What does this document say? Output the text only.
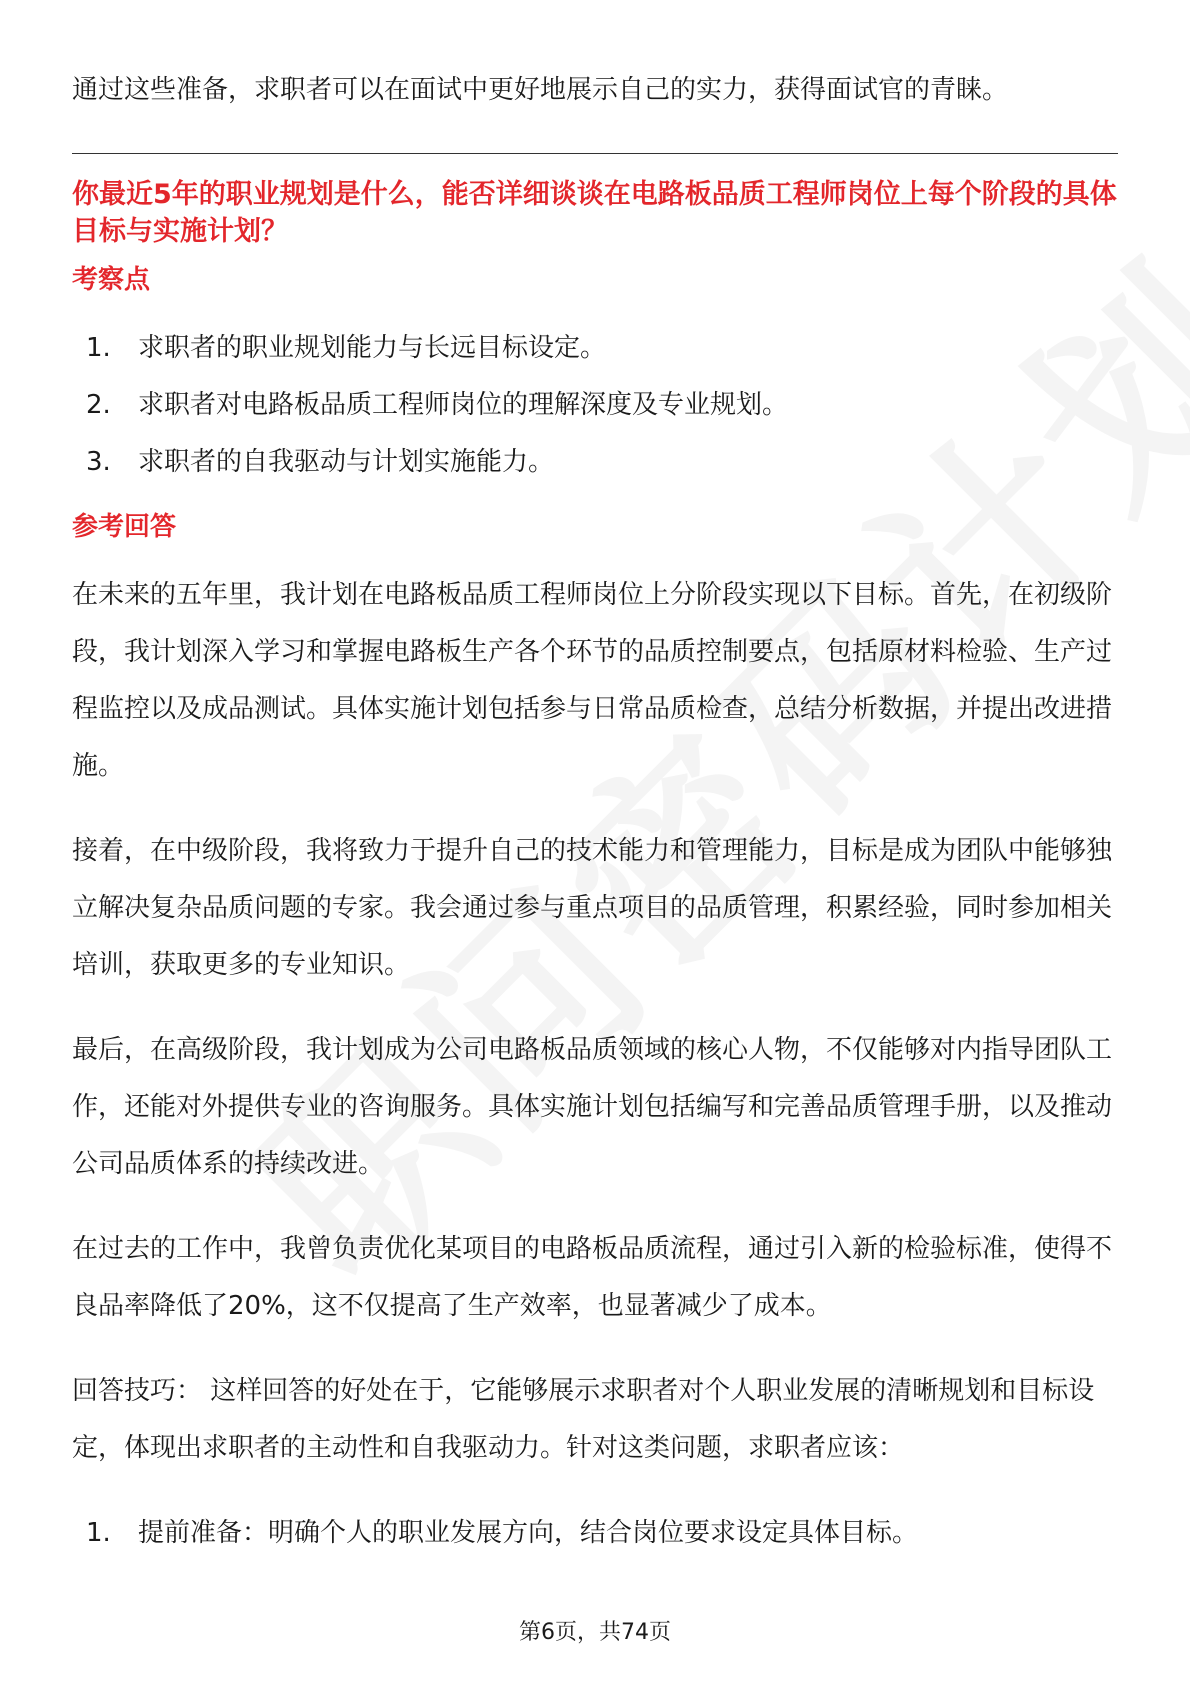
通过这些准备，求职者可以在面试中更好地展示自己的实力，获得面试官的青睐。

你最近5年的职业规划是什么，能否详细谈谈在电路板品质工程师岗位上每个阶段的具体目标与实施计划？
考察点
1.	求职者的职业规划能力与长远目标设定。
2.	求职者对电路板品质工程师岗位的理解深度及专业规划。
3.	求职者的自我驱动与计划实施能力。
参考回答

在未来的五年里，我计划在电路板品质工程师岗位上分阶段实现以下目标。首先，在初级阶段，我计划深入学习和掌握电路板生产各个环节的品质控制要点，包括原材料检验、生产过程监控以及成品测试。具体实施计划包括参与日常品质检查，总结分析数据，并提出改进措施。

接着，在中级阶段，我将致力于提升自己的技术能力和管理能力，目标是成为团队中能够独立解决复杂品质问题的专家。我会通过参与重点项目的品质管理，积累经验，同时参加相关培训，获取更多的专业知识。

最后，在高级阶段，我计划成为公司电路板品质领域的核心人物，不仅能够对内指导团队工作，还能对外提供专业的咨询服务。具体实施计划包括编写和完善品质管理手册，以及推动公司品质体系的持续改进。

在过去的工作中，我曾负责优化某项目的电路板品质流程，通过引入新的检验标准，使得不良品率降低了20%，这不仅提高了生产效率，也显著减少了成本。

回答技巧： 这样回答的好处在于，它能够展示求职者对个人职业发展的清晰规划和目标设定，体现出求职者的主动性和自我驱动力。针对这类问题，求职者应该：

1.	提前准备：明确个人的职业发展方向，结合岗位要求设定具体目标。
第6页，共74页
